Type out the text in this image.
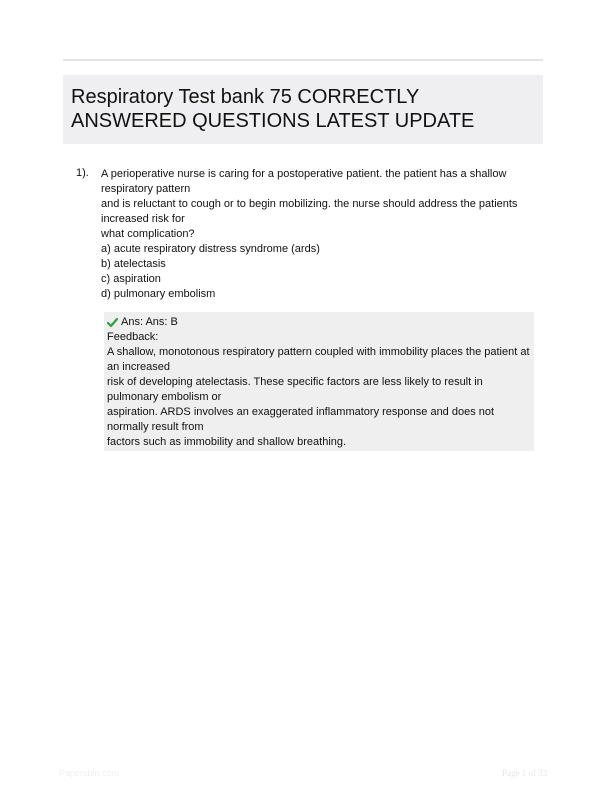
Respiratory Test bank 75 CORRECTLY ANSWERED QUESTIONS LATEST UPDATE
1). A perioperative nurse is caring for a postoperative patient. the patient has a shallow respiratory pattern
and is reluctant to cough or to begin mobilizing. the nurse should address the patients increased risk for
what complication?
a) acute respiratory distress syndrome (ards)
b) atelectasis
c) aspiration
d) pulmonary embolism
Ans: Ans: B
Feedback:
A shallow, monotonous respiratory pattern coupled with immobility places the patient at an increased
risk of developing atelectasis. These specific factors are less likely to result in pulmonary embolism or
aspiration. ARDS involves an exaggerated inflammatory response and does not normally result from
factors such as immobility and shallow breathing.
Papersbin.com	Page 1 of 33
